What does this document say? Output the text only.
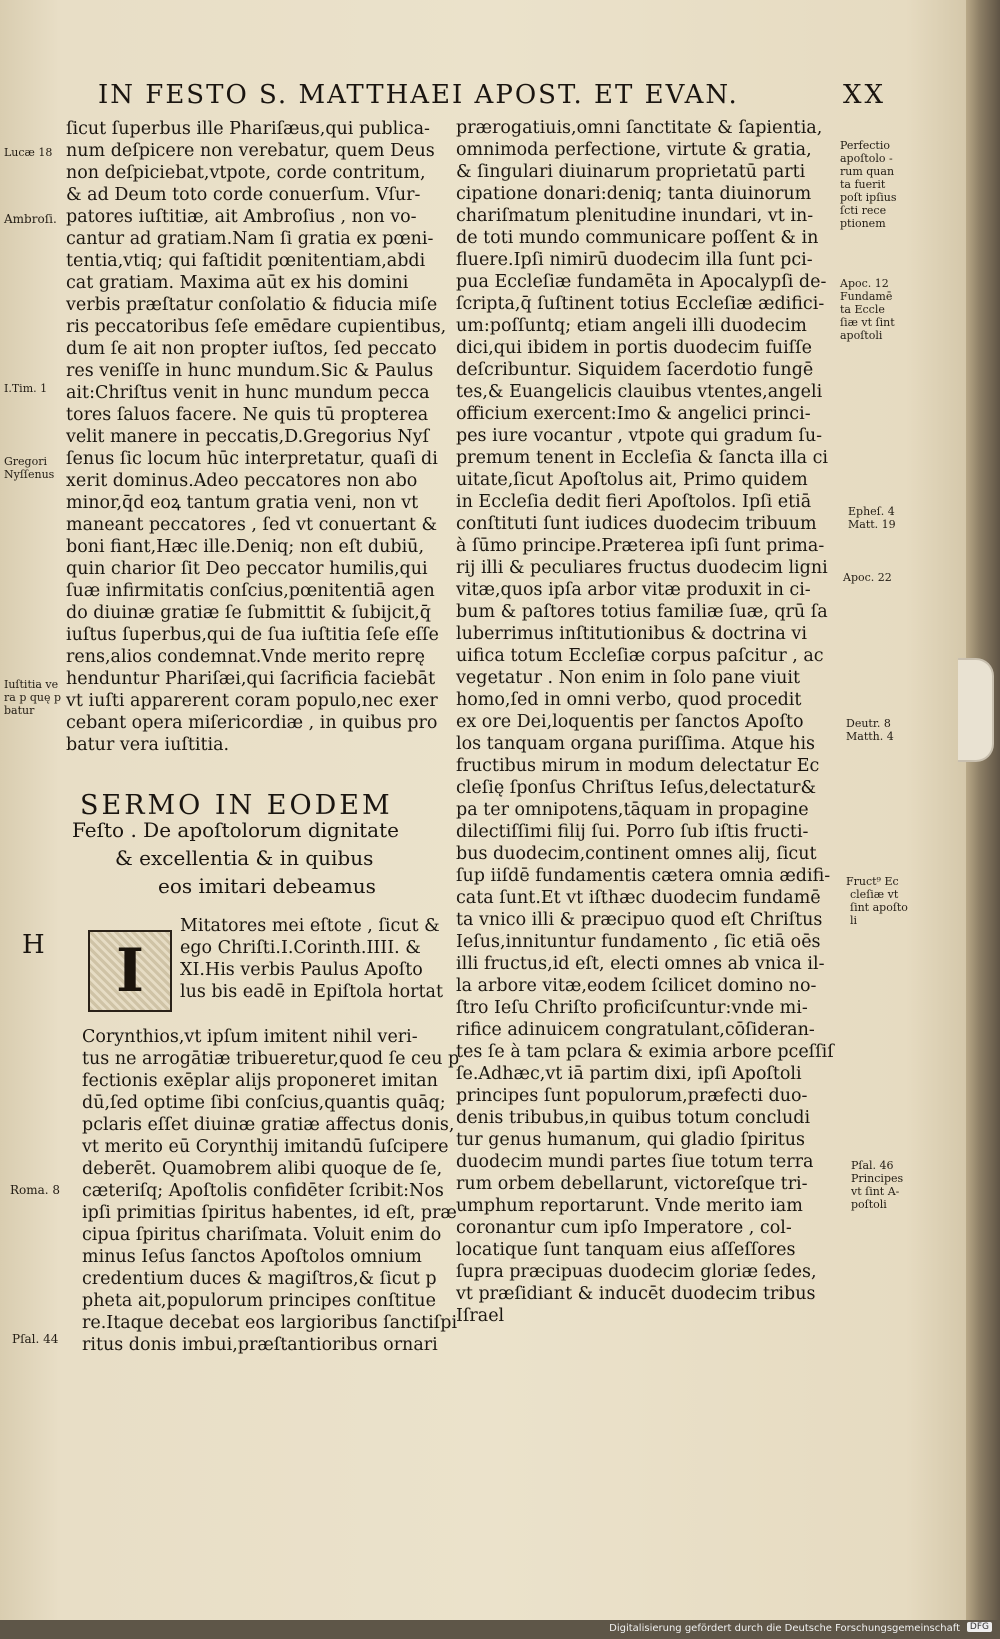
IN FESTO S. MATTHAEI APOST. ET EVAN.	XX
ſicut ſuperbus ille Phariſæus,qui publica-
num deſpicere non verebatur, quem Deus
non deſpiciebat,vtpote, corde contritum,
& ad Deum toto corde conuerſum. Vſur-
patores iuſtitiæ, ait Ambroſius , non vo-
cantur ad gratiam.Nam ſi gratia ex pœni-
tentia,vtiq; qui faſtidit pœnitentiam,abdi
cat gratiam. Maxima aūt ex his domini
verbis præſtatur conſolatio & fiducia miſe
ris peccatoribus ſeſe emēdare cupientibus,
dum ſe ait non propter iuſtos, ſed peccato
res veniſſe in hunc mundum.Sic & Paulus
ait:Chriſtus venit in hunc mundum pecca
tores ſaluos facere. Ne quis tū propterea
velit manere in peccatis,D.Gregorius Nyſ
ſenus ſic locum hūc interpretatur, quaſi di
xerit dominus.Adeo peccatores non abo
minor,q̄d eoꝝ tantum gratia veni, non vt
maneant peccatores , ſed vt conuertant &
boni fiant,Hæc ille.Deniq; non eſt dubiū,
quin charior ſit Deo peccator humilis,qui
ſuæ infirmitatis conſcius,pœnitentiā agen
do diuinæ gratiæ ſe ſubmittit & ſubijcit,q̄
iuſtus ſuperbus,qui de ſua iuſtitia ſeſe eſſe
rens,alios condemnat.Vnde merito reprę
henduntur Phariſæi,qui ſacrificia faciebāt
vt iuſti apparerent coram populo,nec exer
cebant opera miſericordiæ , in quibus pro
batur vera iuſtitia.
prærogatiuis,omni ſanctitate & ſapientia,
omnimoda perfectione, virtute & gratia,
& ſingulari diuinarum proprietatū parti
cipatione donari:deniq; tanta diuinorum
chariſmatum plenitudine inundari, vt in-
de toti mundo communicare poſſent & in
fluere.Ipſi nimirū duodecim illa ſunt pci-
pua Eccleſiæ fundamēta in Apocalypſi de-
ſcripta,q̄ ſuſtinent totius Eccleſiæ ædifici-
um:poſſuntq; etiam angeli illi duodecim
dici,qui ibidem in portis duodecim fuiſſe
deſcribuntur. Siquidem ſacerdotio fungē
tes,& Euangelicis clauibus vtentes,angeli
officium exercent:Imo & angelici princi-
pes iure vocantur , vtpote qui gradum ſu-
premum tenent in Eccleſia & ſancta illa ci
uitate,ſicut Apoſtolus ait, Primo quidem
in Eccleſia dedit fieri Apoſtolos. Ipſi etiā
conſtituti ſunt iudices duodecim tribuum
à ſūmo principe.Præterea ipſi ſunt prima-
rij illi & peculiares fructus duodecim ligni
vitæ,quos ipſa arbor vitæ produxit in ci-
bum & paſtores totius familiæ ſuæ, qrū ſa
luberrimus inſtitutionibus & doctrina vi
uifica totum Eccleſiæ corpus paſcitur , ac
vegetatur . Non enim in ſolo pane viuit
homo,ſed in omni verbo, quod procedit
ex ore Dei,loquentis per ſanctos Apoſto
los tanquam organa puriſſima. Atque his
fructibus mirum in modum delectatur Ec
cleſię ſponſus Chriſtus Ieſus,delectatur&
pa ter omnipotens,tāquam in propagine
dilectiſſimi filij ſui. Porro ſub iſtis fructi-
bus duodecim,continent omnes alij, ſicut
ſup iiſdē fundamentis cætera omnia ædifi-
cata ſunt.Et vt iſthæc duodecim fundamē
ta vnico illi & præcipuo quod eſt Chriſtus
Ieſus,innituntur fundamento , ſic etiā oēs
illi fructus,id eſt, electi omnes ab vnica il-
la arbore vitæ,eodem ſcilicet domino no-
ſtro Ieſu Chriſto proficiſcuntur:vnde mi-
rifice adinuicem congratulant,cōſideran-
tes ſe à tam pclara & eximia arbore pceſſiſ
ſe.Adhæc,vt iā partim dixi, ipſi Apoſtoli
principes ſunt populorum,præfecti duo-
denis tribubus,in quibus totum concludi
tur genus humanum, qui gladio ſpiritus
duodecim mundi partes ſiue totum terra
rum orbem debellarunt, victoreſque tri-
umphum reportarunt. Vnde merito iam
coronantur cum ipſo Imperatore , col-
locatique ſunt tanquam eius aſſeſſores
ſupra præcipuas duodecim gloriæ ſedes,
vt præſidiant & inducēt duodecim tribus
Iſrael
SERMO IN EODEM
Feſto . De apoſtolorum dignitate
& excellentia & in quibus
eos imitari debeamus
H	I
Mitatores mei eſtote , ſicut &
ego Chriſti.I.Corinth.IIII. &
XI.His verbis Paulus Apoſto
lus bis eadē in Epiſtola hortat
Corynthios,vt ipſum imitent nihil veri-
tus ne arrogātiæ tribueretur,quod ſe ceu p
fectionis exēplar alijs proponeret imitan
dū,ſed optime ſibi conſcius,quantis quāq;
pclaris eſſet diuinæ gratiæ affectus donis,
vt merito eū Corynthij imitandū ſuſcipere
deberēt. Quamobrem alibi quoque de ſe,
cæteriſq; Apoſtolis confidēter ſcribit:Nos
ipſi primitias ſpiritus habentes, id eſt, præ
cipua ſpiritus chariſmata. Voluit enim do
minus Ieſus ſanctos Apoſtolos omnium
credentium duces & magiſtros,& ſicut p
pheta ait,populorum principes conſtitue
re.Itaque decebat eos largioribus ſanctiſpi
ritus donis imbui,præſtantioribus ornari
Lucæ 18
Ambroſi.
I.Tim. 1
Gregori
Nyſſenus
Iuſtitia ve
ra p quę p
batur
Roma. 8
Pſal. 44
Perfectio
apoſtolo -
rum quan
ta fuerit
poſt ipſius
ſcti rece
ptionem
Apoc. 12
Fundamē
ta Eccle
ſiæ vt ſint
apoſtoli
Epheſ. 4
Matt. 19
Apoc. 22
Deutr. 8
Matth. 4
Fruct⁹ Ec
cleſiæ vt
ſint apoſto
li
Pſal. 46
Principes
vt ſint A-
poſtoli
Digitalisierung gefördert durch die Deutsche Forschungsgemeinschaft	DFG
